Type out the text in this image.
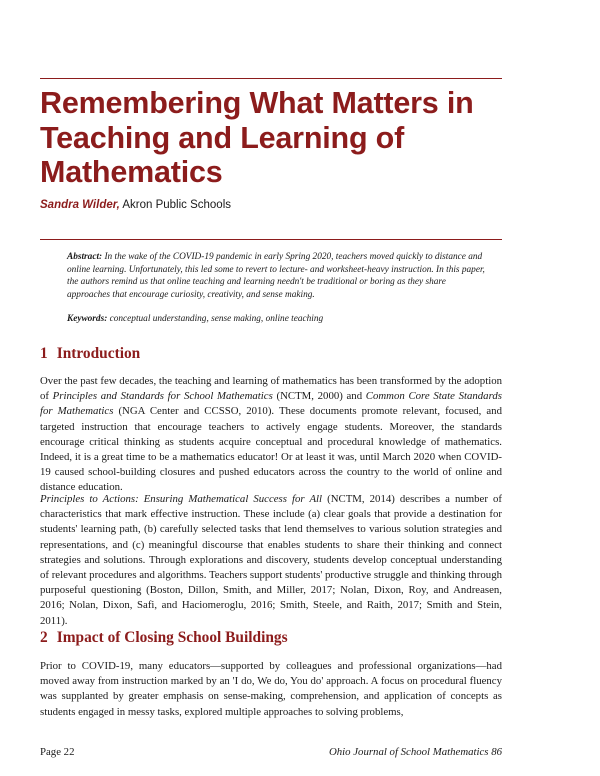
Remembering What Matters in Teaching and Learning of Mathematics

Sandra Wilder, Akron Public Schools

Abstract: In the wake of the COVID-19 pandemic in early Spring 2020, teachers moved quickly to distance and online learning. Unfortunately, this led some to revert to lecture- and worksheet-heavy instruction. In this paper, the authors remind us that online teaching and learning needn't be traditional or boring as they share approaches that encourage curiosity, creativity, and sense making.

Keywords: conceptual understanding, sense making, online teaching

1 Introduction

Over the past few decades, the teaching and learning of mathematics has been transformed by the adoption of Principles and Standards for School Mathematics (NCTM, 2000) and Common Core State Standards for Mathematics (NGA Center and CCSSO, 2010). These documents promote relevant, focused, and targeted instruction that encourage teachers to actively engage students. Moreover, the standards encourage critical thinking as students acquire conceptual and procedural knowledge of mathematics. Indeed, it is a great time to be a mathematics educator! Or at least it was, until March 2020 when COVID-19 caused school-building closures and pushed educators across the country to the world of online and distance education.

Principles to Actions: Ensuring Mathematical Success for All (NCTM, 2014) describes a number of characteristics that mark effective instruction. These include (a) clear goals that provide a destination for students' learning path, (b) carefully selected tasks that lend themselves to various solution strategies and representations, and (c) meaningful discourse that enables students to share their thinking and connect strategies and solutions. Through explorations and discovery, students develop conceptual understanding of relevant procedures and algorithms. Teachers support students' productive struggle and thinking through purposeful questioning (Boston, Dillon, Smith, and Miller, 2017; Nolan, Dixon, Roy, and Andreasen, 2016; Nolan, Dixon, Safi, and Haciomeroglu, 2016; Smith, Steele, and Raith, 2017; Smith and Stein, 2011).

2 Impact of Closing School Buildings

Prior to COVID-19, many educators—supported by colleagues and professional organizations—had moved away from instruction marked by an 'I do, We do, You do' approach. A focus on procedural fluency was supplanted by greater emphasis on sense-making, comprehension, and application of concepts as students engaged in messy tasks, explored multiple approaches to solving problems,

Page 22	Ohio Journal of School Mathematics 86
